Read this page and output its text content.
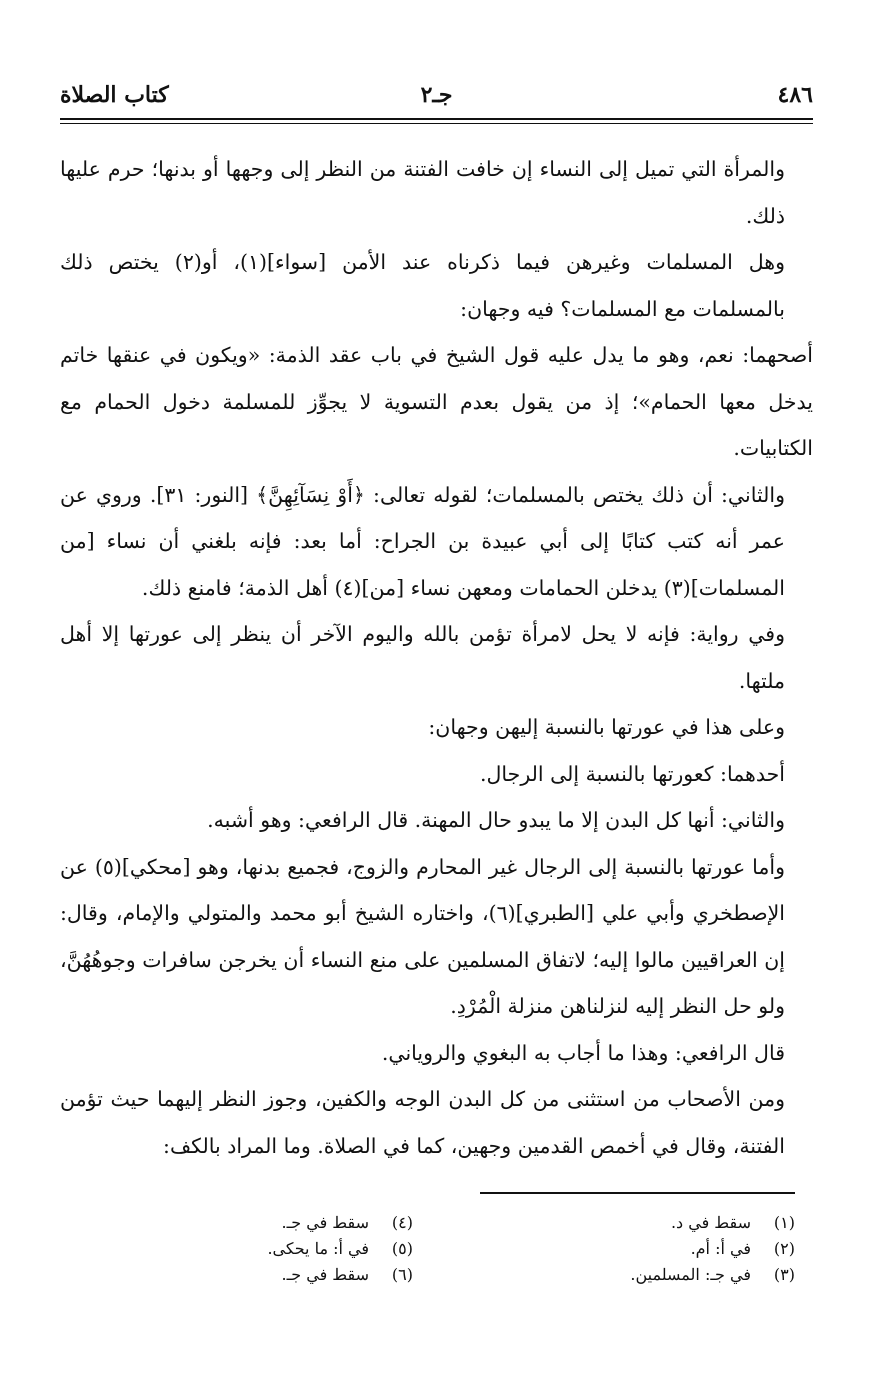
٤٨٦
جـ٢
كتاب الصلاة

والمرأة التي تميل إلى النساء إن خافت الفتنة من النظر إلى وجهها أو بدنها؛ حرم عليها ذلك.

وهل المسلمات وغيرهن فيما ذكرناه عند الأمن [سواء](١)، أو(٢) يختص ذلك بالمسلمات مع المسلمات؟ فيه وجهان:

أصحهما: نعم، وهو ما يدل عليه قول الشيخ في باب عقد الذمة: «ويكون في عنقها خاتم يدخل معها الحمام»؛ إذ من يقول بعدم التسوية لا يجوِّز للمسلمة دخول الحمام مع الكتابيات.

والثاني: أن ذلك يختص بالمسلمات؛ لقوله تعالى: ﴿أَوْ نِسَآئِهِنَّ﴾ [النور: ٣١]. وروي عن عمر أنه كتب كتابًا إلى أبي عبيدة بن الجراح: أما بعد: فإنه بلغني أن نساء [من المسلمات](٣) يدخلن الحمامات ومعهن نساء [من](٤) أهل الذمة؛ فامنع ذلك.

وفي رواية: فإنه لا يحل لامرأة تؤمن بالله واليوم الآخر أن ينظر إلى عورتها إلا أهل ملتها.

وعلى هذا في عورتها بالنسبة إليهن وجهان:

أحدهما: كعورتها بالنسبة إلى الرجال.

والثاني: أنها كل البدن إلا ما يبدو حال المهنة. قال الرافعي: وهو أشبه.

وأما عورتها بالنسبة إلى الرجال غير المحارم والزوج، فجميع بدنها، وهو [محكي](٥) عن الإصطخري وأبي علي [الطبري](٦)، واختاره الشيخ أبو محمد والمتولي والإمام، وقال: إن العراقيين مالوا إليه؛ لاتفاق المسلمين على منع النساء أن يخرجن سافرات وجوهُهُنَّ، ولو حل النظر إليه لنزلناهن منزلة الْمُرْدِ.

قال الرافعي: وهذا ما أجاب به البغوي والروياني.

ومن الأصحاب من استثنى من كل البدن الوجه والكفين، وجوز النظر إليهما حيث تؤمن الفتنة، وقال في أخمص القدمين وجهين، كما في الصلاة. وما المراد بالكف:

(١)سقط في د.
(٢)في أ: أم.
(٣)في جـ: المسلمين.
(٤)سقط في جـ.
(٥)في أ: ما يحكى.
(٦)سقط في جـ.
